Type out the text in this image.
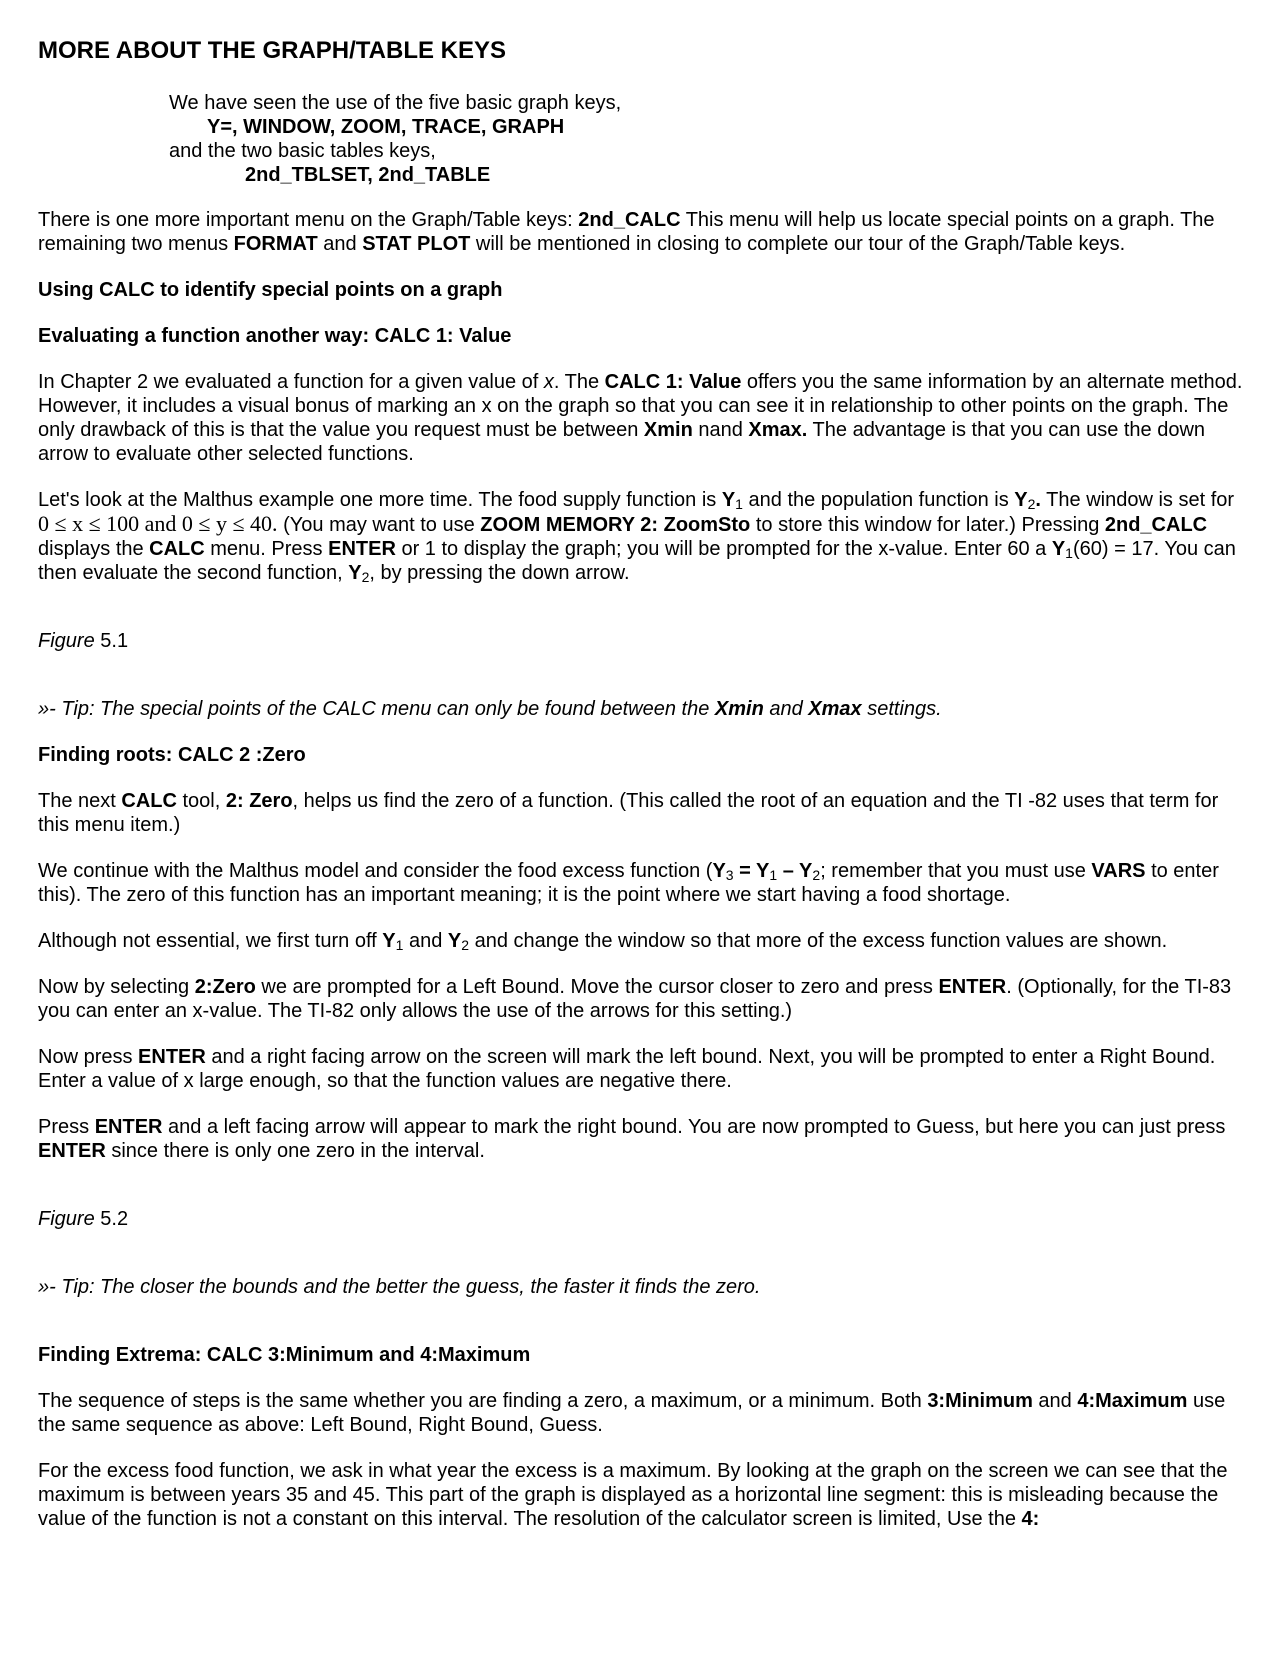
MORE ABOUT THE GRAPH/TABLE KEYS
We have seen the use of the five basic graph keys,
Y=, WINDOW, ZOOM, TRACE, GRAPH
and the two basic tables keys,
2nd_TBLSET, 2nd_TABLE

There is one more important menu on the Graph/Table keys: 2nd_CALC This menu will help us locate special points on a graph. The remaining two menus FORMAT and STAT PLOT will be mentioned in closing to complete our tour of the Graph/Table keys.

Using CALC to identify special points on a graph

Evaluating a function another way: CALC 1: Value

In Chapter 2 we evaluated a function for a given value of x. The CALC 1: Value offers you the same information by an alternate method. However, it includes a visual bonus of marking an x on the graph so that you can see it in relationship to other points on the graph. The only drawback of this is that the value you request must be between Xmin nand Xmax. The advantage is that you can use the down arrow to evaluate other selected functions.

Let's look at the Malthus example one more time. The food supply function is $Y_1$ and the population function is $Y_2$. The window is set for 0 ≤ x ≤ 100 and 0 ≤ y ≤ 40. (You may want to use ZOOM MEMORY 2: ZoomSto to store this window for later.) Pressing 2nd_CALC displays the CALC menu. Press ENTER or 1 to display the graph; you will be prompted for the x-value. Enter 60 a $Y_1(60) = 17$. You can then evaluate the second function, $Y_2$, by pressing the down arrow.

Figure 5.1

»- Tip: The special points of the CALC menu can only be found between the Xmin and Xmax settings.

Finding roots: CALC 2 :Zero

The next CALC tool, 2: Zero, helps us find the zero of a function. (This called the root of an equation and the TI -82 uses that term for this menu item.)

We continue with the Malthus model and consider the food excess function ($Y_3 = Y_1 - Y_2$; remember that you must use VARS to enter this). The zero of this function has an important meaning; it is the point where we start having a food shortage.

Although not essential, we first turn off $Y_1$ and $Y_2$ and change the window so that more of the excess function values are shown.

Now by selecting 2:Zero we are prompted for a Left Bound. Move the cursor closer to zero and press ENTER. (Optionally, for the TI-83 you can enter an x-value. The TI-82 only allows the use of the arrows for this setting.)

Now press ENTER and a right facing arrow on the screen will mark the left bound. Next, you will be prompted to enter a Right Bound. Enter a value of x large enough, so that the function values are negative there.

Press ENTER and a left facing arrow will appear to mark the right bound. You are now prompted to Guess, but here you can just press ENTER since there is only one zero in the interval.

Figure 5.2

»- Tip: The closer the bounds and the better the guess, the faster it finds the zero.

Finding Extrema: CALC 3:Minimum and 4:Maximum

The sequence of steps is the same whether you are finding a zero, a maximum, or a minimum. Both 3:Minimum and 4:Maximum use the same sequence as above: Left Bound, Right Bound, Guess.

For the excess food function, we ask in what year the excess is a maximum. By looking at the graph on the screen we can see that the maximum is between years 35 and 45. This part of the graph is displayed as a horizontal line segment: this is misleading because the value of the function is not a constant on this interval. The resolution of the calculator screen is limited, Use the 4:
